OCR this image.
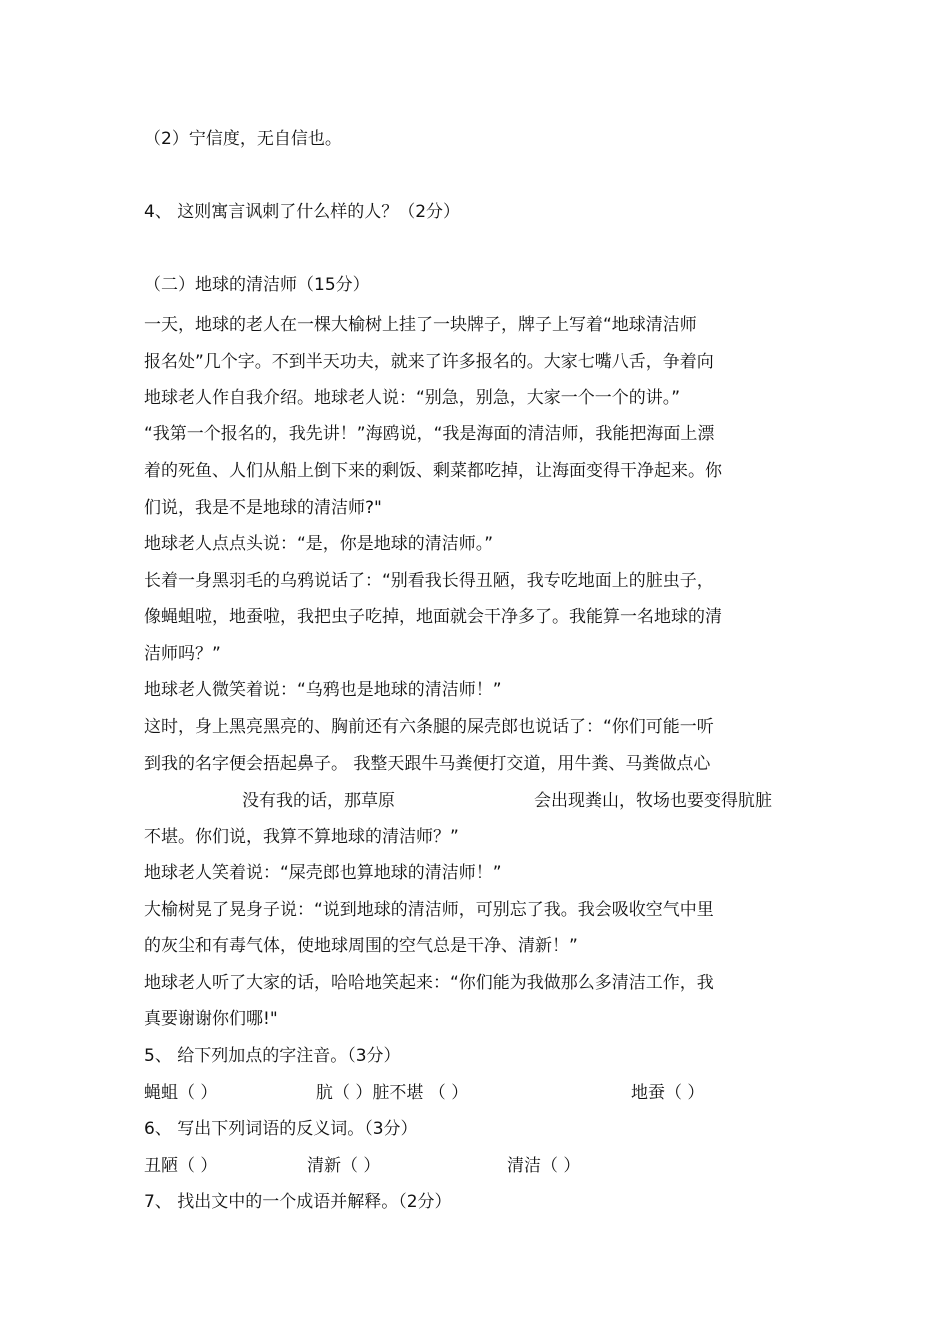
（2）宁信度，无自信也。

4、 这则寓言讽刺了什么样的人？（2分）

（二）地球的清洁师（15分）

一天，地球的老人在一棵大榆树上挂了一块牌子，牌子上写着“地球清洁师

报名处”几个字。不到半天功夫，就来了许多报名的。大家七嘴八舌，争着向

地球老人作自我介绍。地球老人说：“别急，别急，大家一个一个的讲。”

“我第一个报名的，我先讲！”海鸥说，“我是海面的清洁师，我能把海面上漂

着的死鱼、人们从船上倒下来的剩饭、剩菜都吃掉，让海面变得干净起来。你

们说，我是不是地球的清洁师?"

地球老人点点头说：“是，你是地球的清洁师。”

长着一身黑羽毛的乌鸦说话了：“别看我长得丑陋，我专吃地面上的脏虫子，

像蝇蛆啦，地蚕啦，我把虫子吃掉，地面就会干净多了。我能算一名地球的清

洁师吗？”

地球老人微笑着说：“乌鸦也是地球的清洁师！”

这时，身上黑亮黑亮的、胸前还有六条腿的屎壳郎也说话了：“你们可能一听

到我的名字便会捂起鼻子。 我整天跟牛马粪便打交道，用牛粪、马粪做点心

没有我的话，那草原	会出现粪山，牧场也要变得肮脏

不堪。你们说，我算不算地球的清洁师？”

地球老人笑着说：“屎壳郎也算地球的清洁师！”

大榆树晃了晃身子说：“说到地球的清洁师，可别忘了我。我会吸收空气中里

的灰尘和有毒气体，使地球周围的空气总是干净、清新！”

地球老人听了大家的话，哈哈地笑起来：“你们能为我做那么多清洁工作，我

真要谢谢你们哪!"

5、 给下列加点的字注音。（3分）

蝇蛆（ ）	肮（ ）脏不堪 （ ）	地蚕（ ）

6、 写出下列词语的反义词。（3分）

丑陋（ ）	清新（ ）	清洁（ ）

7、 找出文中的一个成语并解释。（2分）
